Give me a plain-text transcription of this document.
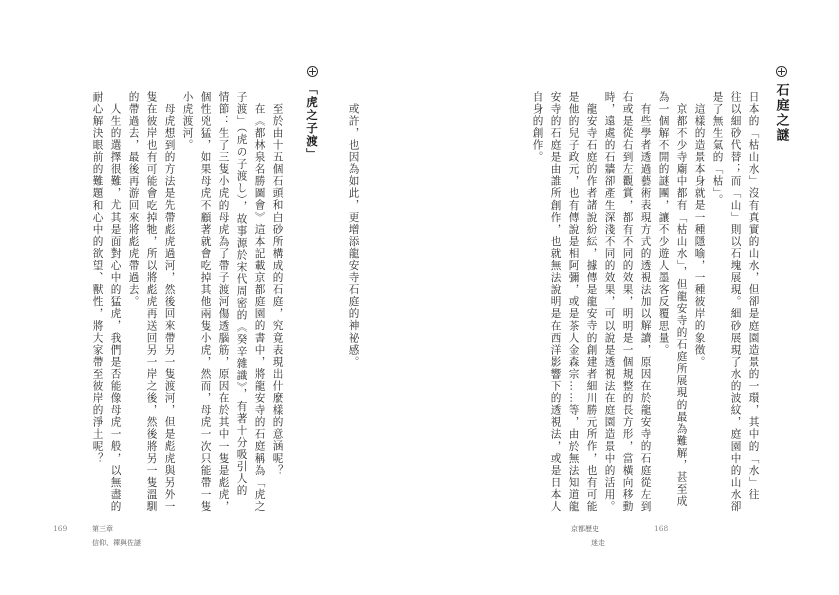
石庭之謎
日本的「枯山水」沒有真實的山水，但卻是庭園造景的一環，其中的「水」往
往以細砂代替；而「山」則以石塊展現。細砂展現了水的波紋，庭園中的山水卻
是了無生氣的「枯」。
這樣的造景本身就是一種隱喻，一種彼岸的象徵。
京都不少寺廟中都有「枯山水」，但龍安寺的石庭所展現的最為難解，甚至成
為一個解不開的謎團，讓不少遊人墨客反覆思量。
有些學者透過藝術表現方式的透視法加以解讀，原因在於龍安寺的石庭從左到
右或是從右到左觀賞，都有不同的效果，明明是一個規整的長方形，當橫向移動
時，遠處的石牆卻產生深淺不同的效果，可以說是透視法在庭園造景中的活用。
龍安寺石庭的作者諸說紛紜，據傳是龍安寺的創建者細川勝元所作，也有可能
是他的兒子政元，也有傳說是相阿彌，或是茶人金森宗……等，由於無法知道龍
安寺的石庭是由誰所創作，也就無法說明是在西洋影響下的透視法，或是日本人
自身的創作。
京都歷史	168
迷走
或許，也因為如此，更增添龍安寺石庭的神祕感。
「虎之子渡」
至於由十五個石頭和白砂所構成的石庭，究竟表現出什麼樣的意涵呢？
在《都林泉名勝圖會》這本記載京都庭園的書中，將龍安寺的石庭稱為「虎之
子渡」（虎の子渡し），故事源於宋代周密的《癸辛雜識》，有著十分吸引人的
情節：生了三隻小虎的母虎為了帶子渡河傷透腦筋，原因在於其中一隻是彪虎，
個性兇猛，如果母虎不顧著就會吃掉其他兩隻小虎，然而，母虎一次只能帶一隻
小虎渡河。
母虎想到的方法是先帶彪虎過河，然後回來帶另一隻渡河，但是彪虎與另外一
隻在彼岸也有可能會吃掉牠，所以將彪虎再送回另一岸之後，然後將另一隻溫馴
的帶過去，最後再游回來將彪虎帶過去。
人生的選擇很難，尤其是面對心中的猛虎，我們是否能像母虎一般，以無盡的
耐心解決眼前的難題和心中的欲望、獸性，將大家帶至彼岸的淨土呢？
169	第三章
信仰、禪與佐謎
